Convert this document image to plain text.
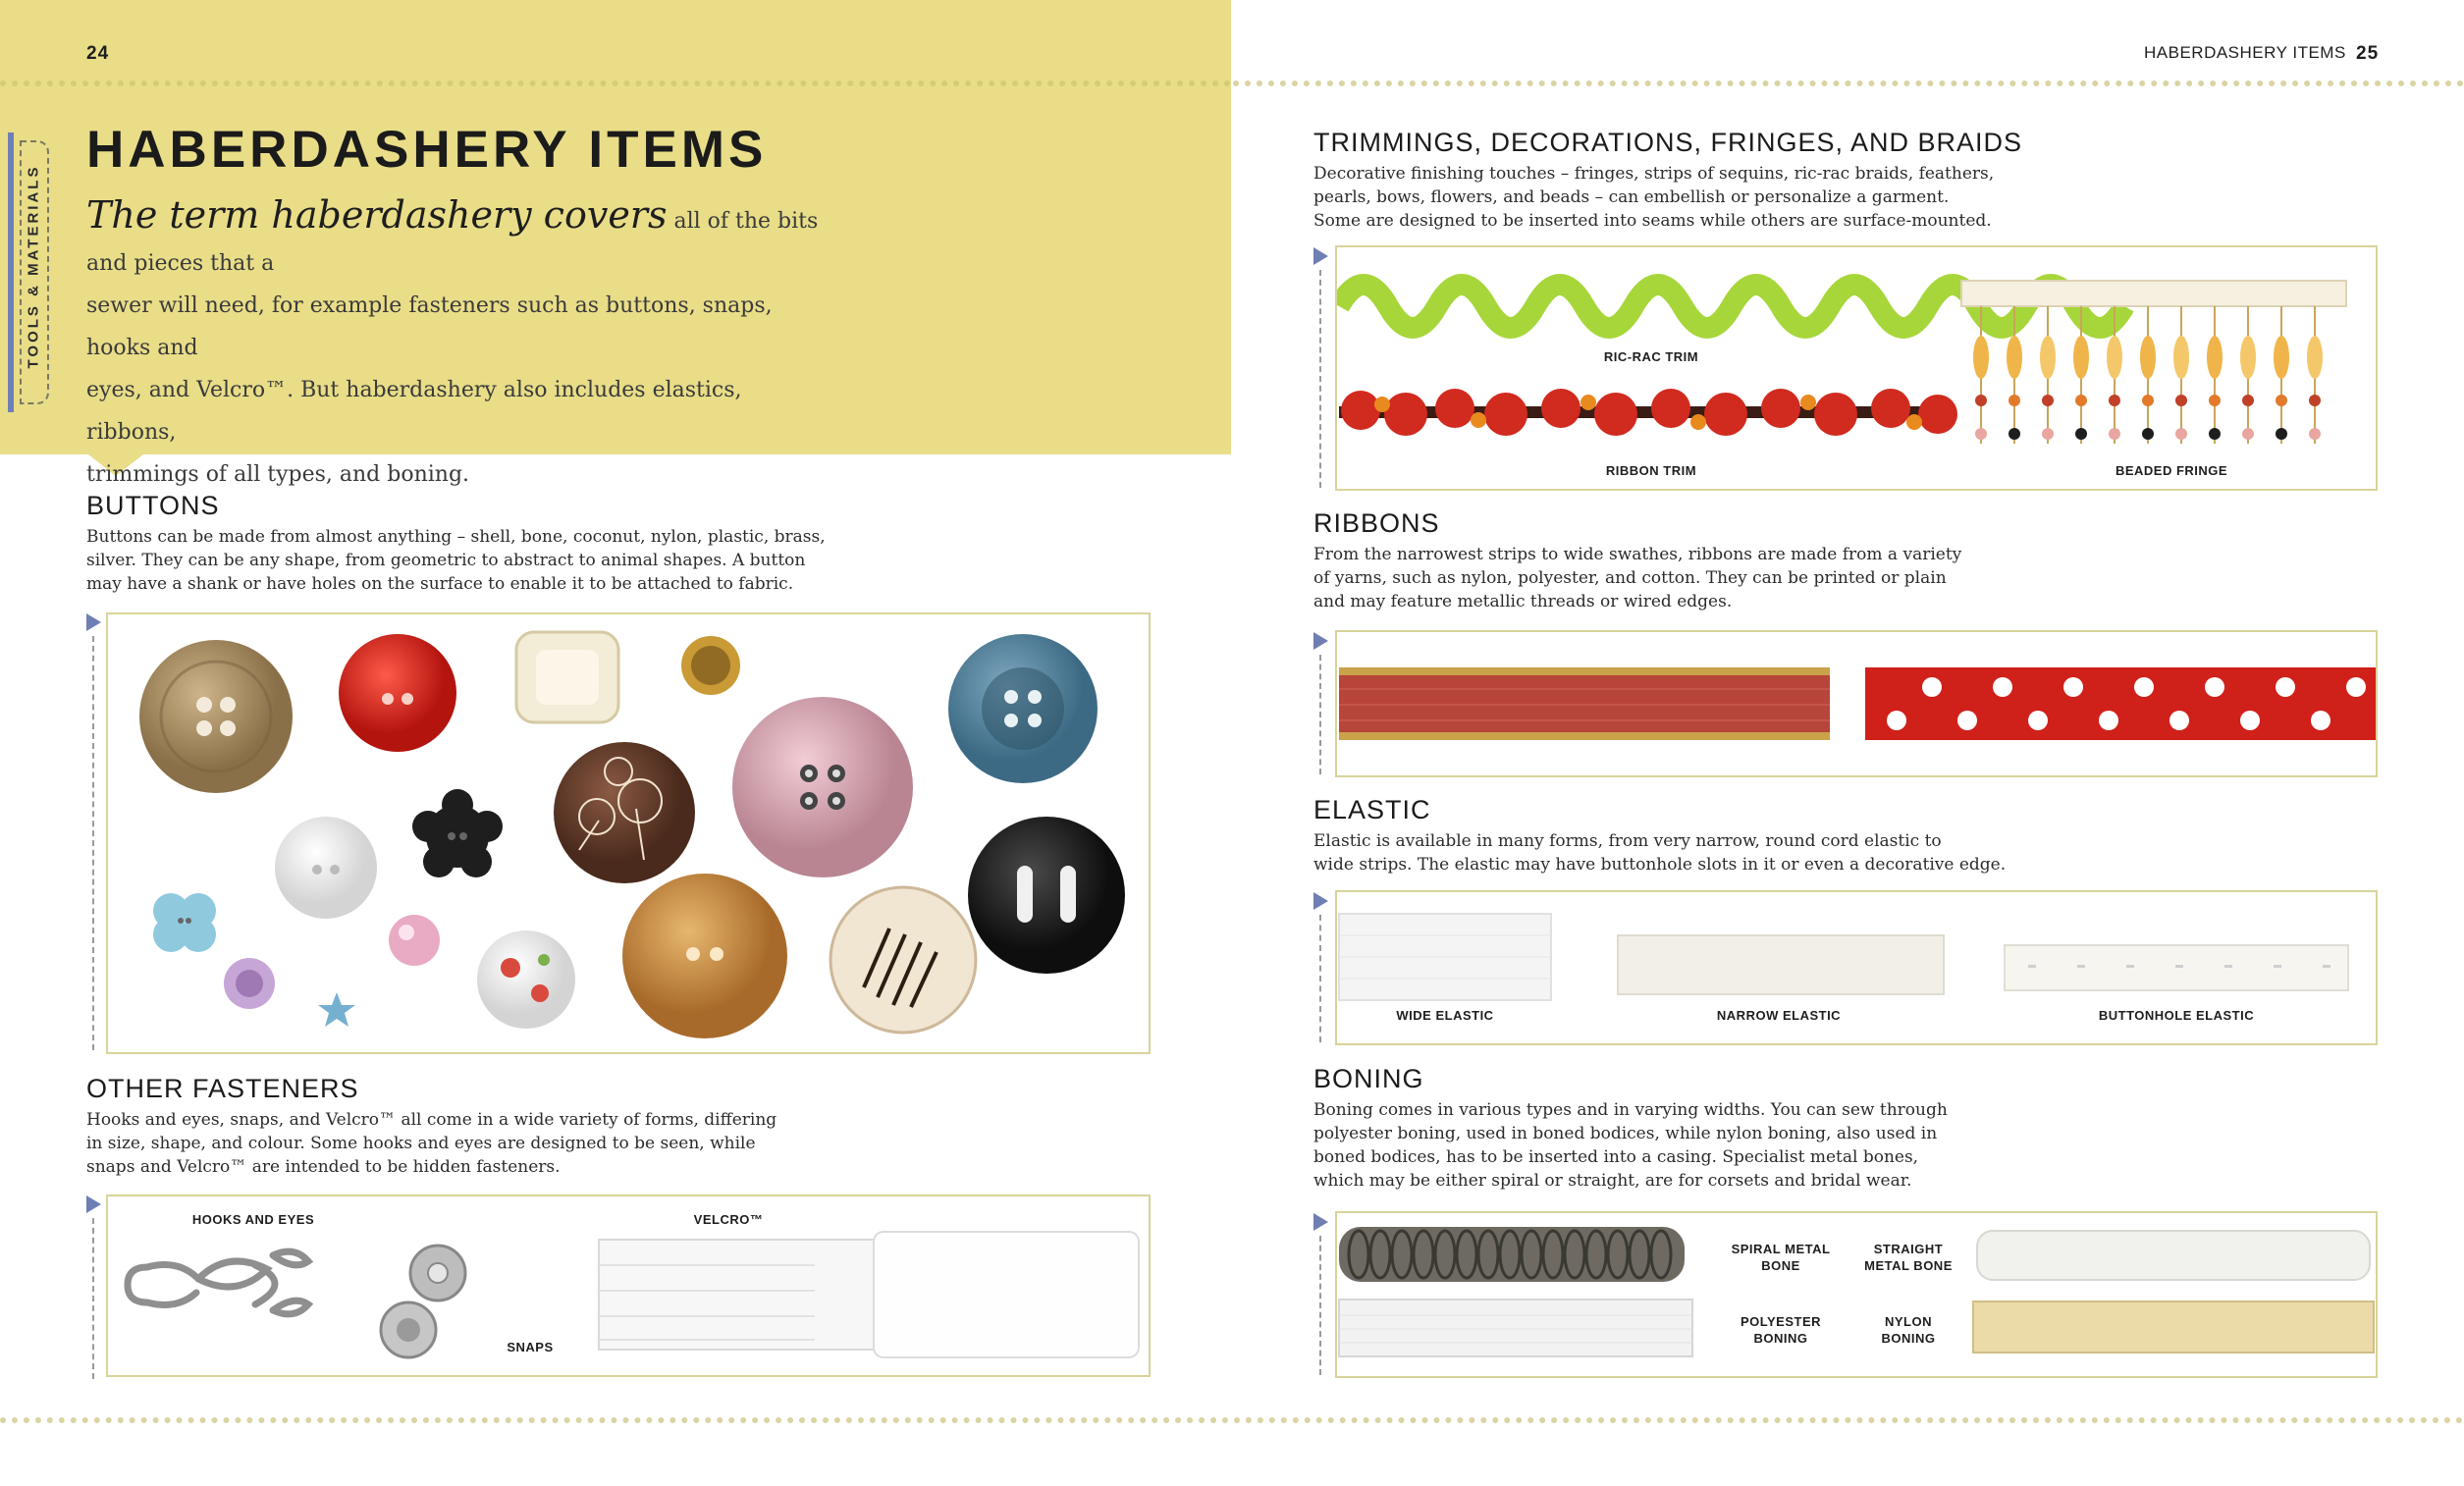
24
TOOLS & MATERIALS
HABERDASHERY ITEMS
The term haberdashery covers all of the bits and pieces that a
sewer will need, for example fasteners such as buttons, snaps, hooks and
eyes, and Velcro™. But haberdashery also includes elastics, ribbons,
trimmings of all types, and boning.
BUTTONS
Buttons can be made from almost anything – shell, bone, coconut, nylon, plastic, brass,
silver. They can be any shape, from geometric to abstract to animal shapes. A button
may have a shank or have holes on the surface to enable it to be attached to fabric.
OTHER FASTENERS
Hooks and eyes, snaps, and Velcro™ all come in a wide variety of forms, differing
in size, shape, and colour. Some hooks and eyes are designed to be seen, while
snaps and Velcro™ are intended to be hidden fasteners.
HOOKS AND EYES
SNAPS
VELCRO™
HABERDASHERY ITEMS 25
TRIMMINGS, DECORATIONS, FRINGES, AND BRAIDS
Decorative finishing touches – fringes, strips of sequins, ric-rac braids, feathers,
pearls, bows, flowers, and beads – can embellish or personalize a garment.
Some are designed to be inserted into seams while others are surface-mounted.
RIC-RAC TRIM
RIBBON TRIM	BEADED FRINGE
RIBBONS
From the narrowest strips to wide swathes, ribbons are made from a variety
of yarns, such as nylon, polyester, and cotton. They can be printed or plain
and may feature metallic threads or wired edges.
ELASTIC
Elastic is available in many forms, from very narrow, round cord elastic to
wide strips. The elastic may have buttonhole slots in it or even a decorative edge.
WIDE ELASTIC	NARROW ELASTIC	BUTTONHOLE ELASTIC
BONING
Boning comes in various types and in varying widths. You can sew through
polyester boning, used in boned bodices, while nylon boning, also used in
boned bodices, has to be inserted into a casing. Specialist metal bones,
which may be either spiral or straight, are for corsets and bridal wear.
SPIRAL METAL
BONE
STRAIGHT
METAL BONE
POLYESTER
BONING
NYLON
BONING
